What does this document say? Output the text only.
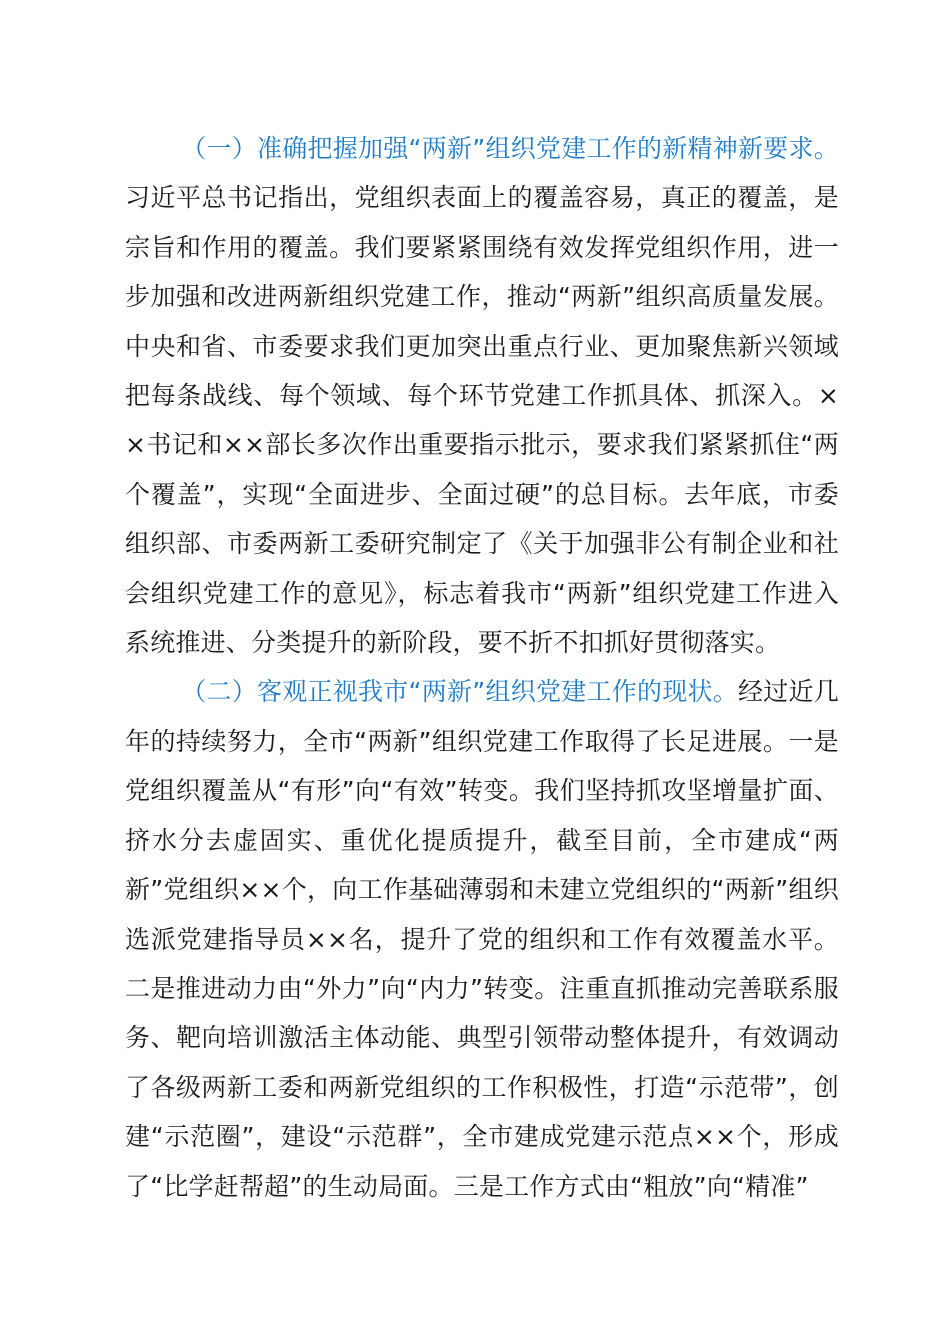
（一）准确把握加强“两新”组织党建工作的新精神新要求。习近平总书记指出，党组织表面上的覆盖容易，真正的覆盖，是宗旨和作用的覆盖。我们要紧紧围绕有效发挥党组织作用，进一步加强和改进两新组织党建工作，推动“两新”组织高质量发展。中央和省、市委要求我们更加突出重点行业、更加聚焦新兴领域把每条战线、每个领域、每个环节党建工作抓具体、抓深入。××书记和××部长多次作出重要指示批示，要求我们紧紧抓住“两个覆盖”，实现“全面进步、全面过硬”的总目标。去年底，市委组织部、市委两新工委研究制定了《关于加强非公有制企业和社会组织党建工作的意见》，标志着我市“两新”组织党建工作进入系统推进、分类提升的新阶段，要不折不扣抓好贯彻落实。

（二）客观正视我市“两新”组织党建工作的现状。经过近几年的持续努力，全市“两新”组织党建工作取得了长足进展。一是党组织覆盖从“有形”向“有效”转变。我们坚持抓攻坚增量扩面、挤水分去虚固实、重优化提质提升，截至目前，全市建成“两新”党组织××个，向工作基础薄弱和未建立党组织的“两新”组织选派党建指导员××名，提升了党的组织和工作有效覆盖水平。二是推进动力由“外力”向“内力”转变。注重直抓推动完善联系服务、靶向培训激活主体动能、典型引领带动整体提升，有效调动了各级两新工委和两新党组织的工作积极性，打造“示范带”，创建“示范圈”，建设“示范群”，全市建成党建示范点××个，形成了“比学赶帮超”的生动局面。三是工作方式由“粗放”向“精准”
